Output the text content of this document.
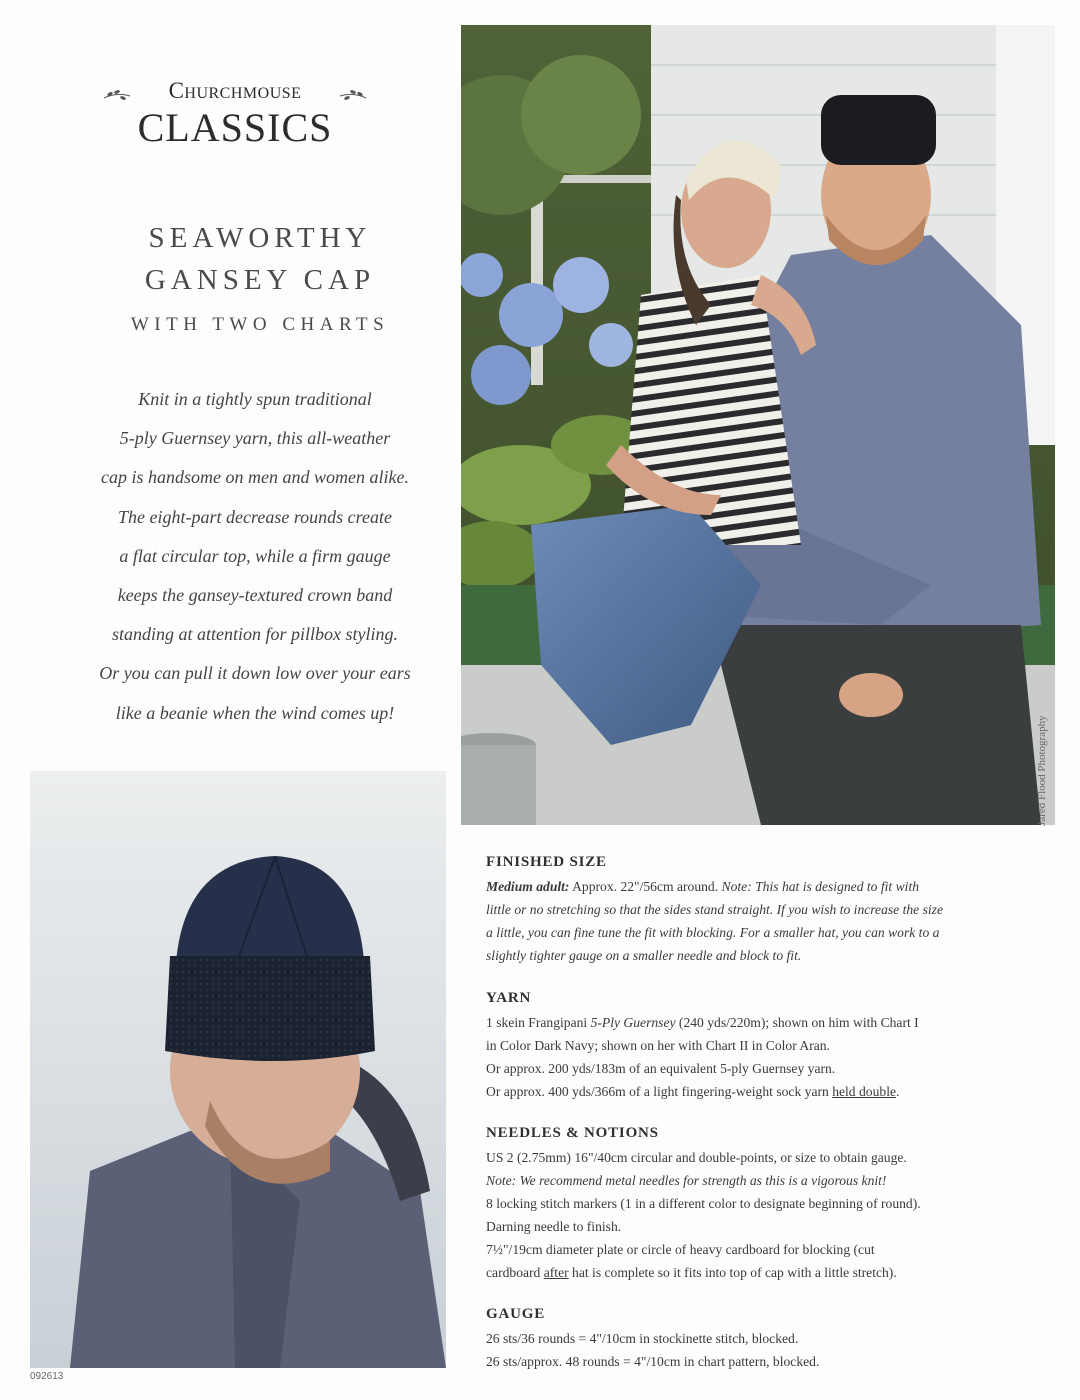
Churchmouse
CLASSICS
SEAWORTHY
GANSEY CAP
WITH TWO CHARTS
Knit in a tightly spun traditional
5-ply Guernsey yarn, this all-weather
cap is handsome on men and women alike.
The eight-part decrease rounds create
a flat circular top, while a firm gauge
keeps the gansey-textured crown band
standing at attention for pillbox styling.
Or you can pull it down low over your ears
like a beanie when the wind comes up!
Jared Flood Photography
FINISHED SIZE
Medium adult: Approx. 22"/56cm around. Note: This hat is designed to fit with
little or no stretching so that the sides stand straight. If you wish to increase the size
a little, you can fine tune the fit with blocking. For a smaller hat, you can work to a
slightly tighter gauge on a smaller needle and block to fit.
YARN
1 skein Frangipani 5-Ply Guernsey (240 yds/220m); shown on him with Chart I
in Color Dark Navy; shown on her with Chart II in Color Aran.
Or approx. 200 yds/183m of an equivalent 5-ply Guernsey yarn.
Or approx. 400 yds/366m of a light fingering-weight sock yarn held double.
NEEDLES & NOTIONS
US 2 (2.75mm) 16"/40cm circular and double-points, or size to obtain gauge.
Note: We recommend metal needles for strength as this is a vigorous knit!
8 locking stitch markers (1 in a different color to designate beginning of round).
Darning needle to finish.
7½"/19cm diameter plate or circle of heavy cardboard for blocking (cut
cardboard after hat is complete so it fits into top of cap with a little stretch).
GAUGE
26 sts/36 rounds = 4"/10cm in stockinette stitch, blocked.
26 sts/approx. 48 rounds = 4"/10cm in chart pattern, blocked.
092613
